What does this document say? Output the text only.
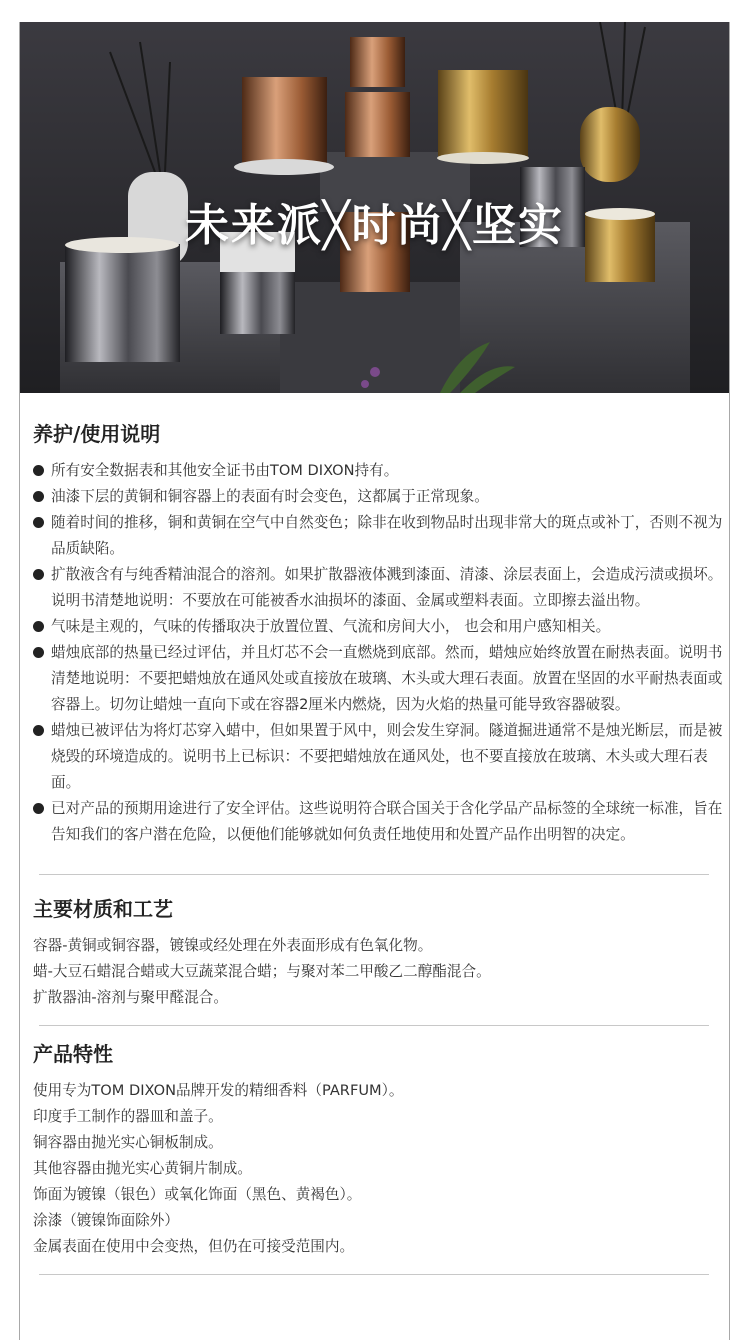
未来派╳时尚╳坚实
养护/使用说明
所有安全数据表和其他安全证书由TOM DIXON持有。
油漆下层的黄铜和铜容器上的表面有时会变色，这都属于正常现象。
随着时间的推移，铜和黄铜在空气中自然变色；除非在收到物品时出现非常大的斑点或补丁，否则不视为品质缺陷。
扩散液含有与纯香精油混合的溶剂。如果扩散器液体溅到漆面、清漆、涂层表面上，会造成污渍或损坏。说明书清楚地说明：不要放在可能被香水油损坏的漆面、金属或塑料表面。立即擦去溢出物。
气味是主观的，气味的传播取决于放置位置、气流和房间大小， 也会和用户感知相关。
蜡烛底部的热量已经过评估，并且灯芯不会一直燃烧到底部。然而，蜡烛应始终放置在耐热表面。说明书清楚地说明：不要把蜡烛放在通风处或直接放在玻璃、木头或大理石表面。放置在坚固的水平耐热表面或容器上。切勿让蜡烛一直向下或在容器2厘米内燃烧，因为火焰的热量可能导致容器破裂。
蜡烛已被评估为将灯芯穿入蜡中，但如果置于风中，则会发生穿洞。隧道掘进通常不是烛光断层，而是被烧毁的环境造成的。说明书上已标识：不要把蜡烛放在通风处，也不要直接放在玻璃、木头或大理石表面。
已对产品的预期用途进行了安全评估。这些说明符合联合国关于含化学品产品标签的全球统一标准，旨在告知我们的客户潜在危险，以便他们能够就如何负责任地使用和处置产品作出明智的决定。
主要材质和工艺
容器-黄铜或铜容器，镀镍或经处理在外表面形成有色氧化物。
蜡-大豆石蜡混合蜡或大豆蔬菜混合蜡；与聚对苯二甲酸乙二醇酯混合。
扩散器油-溶剂与聚甲醛混合。
产品特性
使用专为TOM DIXON品牌开发的精细香料（PARFUM）。
印度手工制作的器皿和盖子。
铜容器由抛光实心铜板制成。
其他容器由抛光实心黄铜片制成。
饰面为镀镍（银色）或氧化饰面（黑色、黄褐色）。
涂漆（镀镍饰面除外）
金属表面在使用中会变热，但仍在可接受范围内。
